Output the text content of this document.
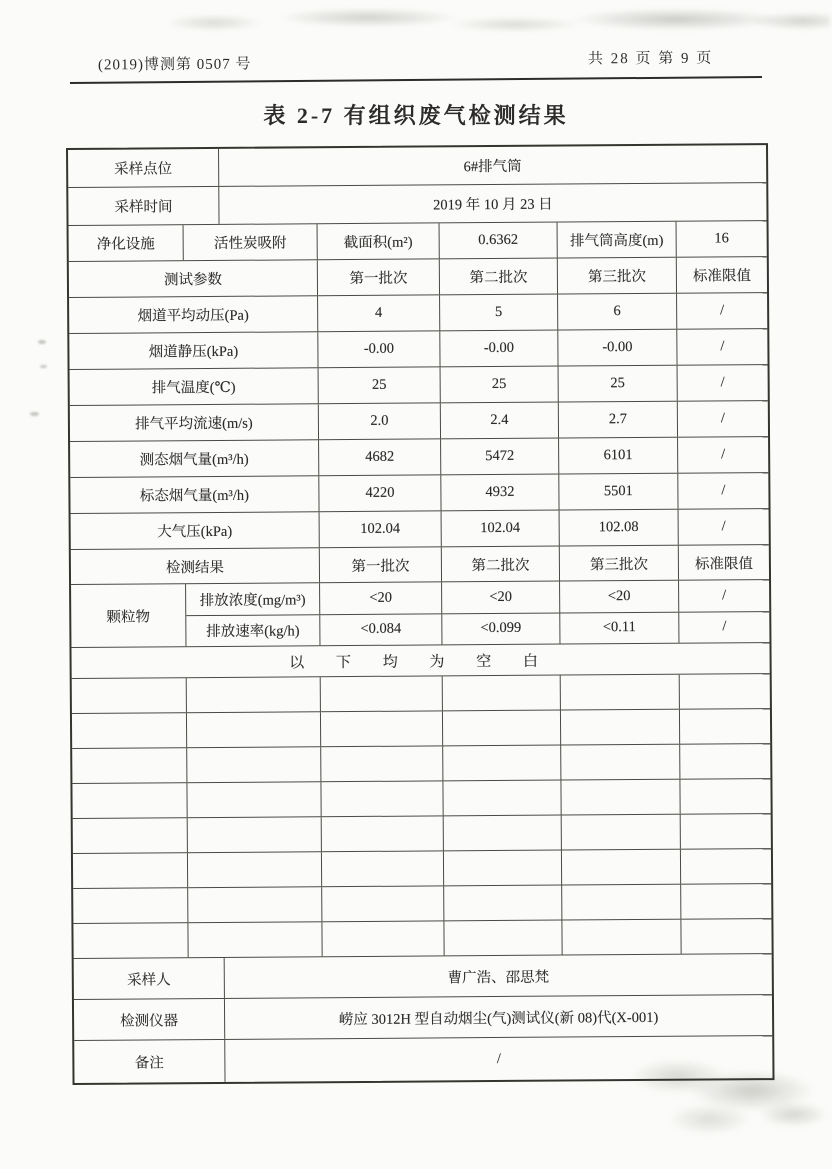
(2019)博测第 0507 号	共 28 页 第 9 页
表 2-7 有组织废气检测结果
采样点位	6#排气筒
采样时间	2019 年 10 月 23 日
净化设施	活性炭吸附	截面积(m²)	0.6362	排气筒高度(m)	16
测试参数	第一批次	第二批次	第三批次	标准限值
烟道平均动压(Pa)	4	5	6	/
烟道静压(kPa)	-0.00	-0.00	-0.00	/
排气温度(℃)	25	25	25	/
排气平均流速(m/s)	2.0	2.4	2.7	/
测态烟气量(m³/h)	4682	5472	6101	/
标态烟气量(m³/h)	4220	4932	5501	/
大气压(kPa)	102.04	102.04	102.08	/
检测结果	第一批次	第二批次	第三批次	标准限值
颗粒物
排放浓度(mg/m³)	<20	<20	<20	/
排放速率(kg/h)	<0.084	<0.099	<0.11	/
以 下 均 为 空 白
采样人	曹广浩、邵思梵
检测仪器	崂应 3012H 型自动烟尘(气)测试仪(新 08)代(X-001)
备注	/
